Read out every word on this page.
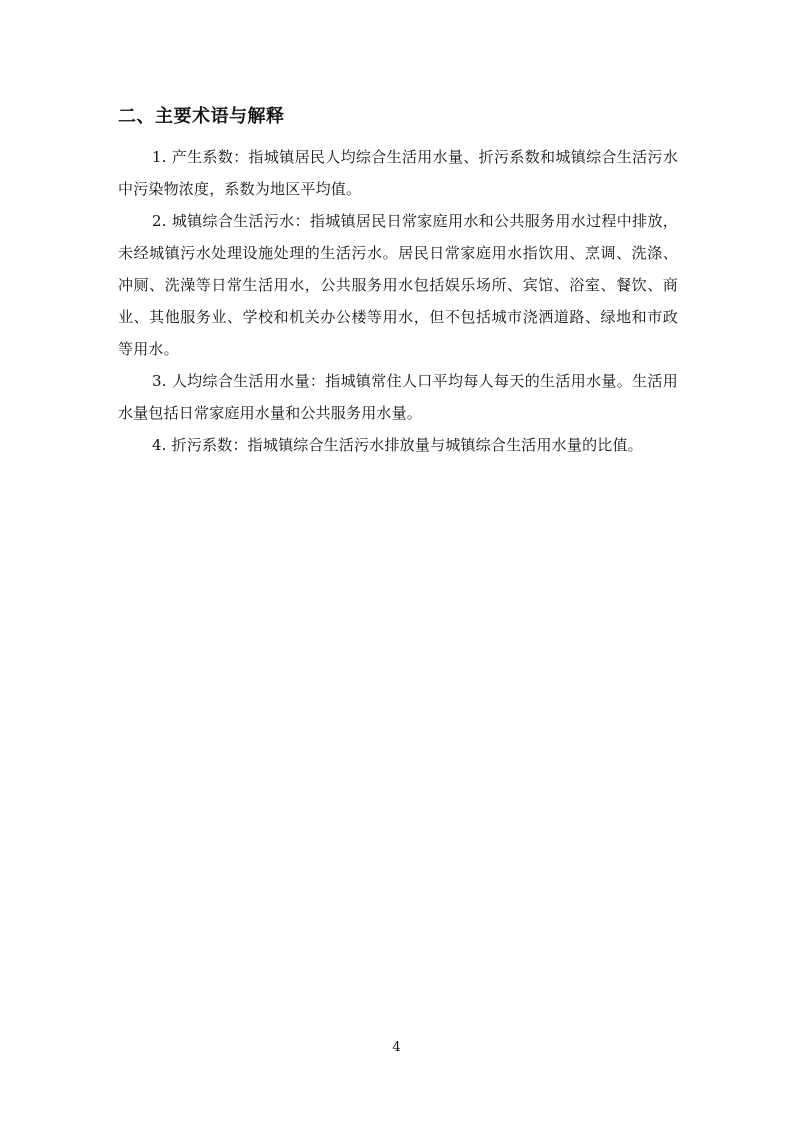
二、主要术语与解释

1. 产生系数：指城镇居民人均综合生活用水量、折污系数和城镇综合生活污水中污染物浓度，系数为地区平均值。

2. 城镇综合生活污水：指城镇居民日常家庭用水和公共服务用水过程中排放，未经城镇污水处理设施处理的生活污水。居民日常家庭用水指饮用、烹调、洗涤、冲厕、洗澡等日常生活用水，公共服务用水包括娱乐场所、宾馆、浴室、餐饮、商业、其他服务业、学校和机关办公楼等用水，但不包括城市浇洒道路、绿地和市政等用水。

3. 人均综合生活用水量：指城镇常住人口平均每人每天的生活用水量。生活用水量包括日常家庭用水量和公共服务用水量。

4. 折污系数：指城镇综合生活污水排放量与城镇综合生活用水量的比值。

4
